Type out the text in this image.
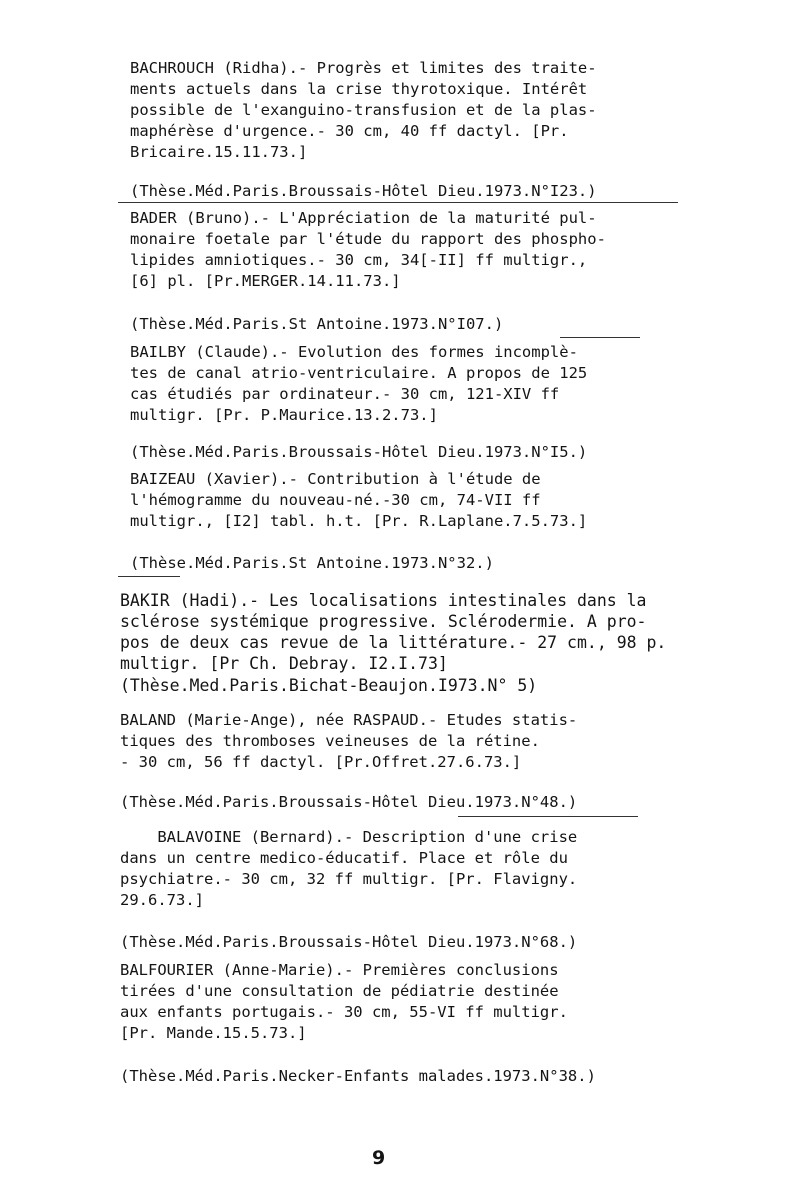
BACHROUCH (Ridha).- Progrès et limites des traite-
ments actuels dans la crise thyrotoxique. Intérêt
possible de l'exanguino-transfusion et de la plas-
maphérèse d'urgence.- 30 cm, 40 ff dactyl. [Pr.
Bricaire.15.11.73.]
(Thèse.Méd.Paris.Broussais-Hôtel Dieu.1973.N°I23.)
BADER (Bruno).- L'Appréciation de la maturité pul-
monaire foetale par l'étude du rapport des phospho-
lipides amniotiques.- 30 cm, 34[-II] ff multigr.,
[6] pl. [Pr.MERGER.14.11.73.]
(Thèse.Méd.Paris.St Antoine.1973.N°I07.)
BAILBY (Claude).- Evolution des formes incomplè-
tes de canal atrio-ventriculaire. A propos de 125
cas étudiés par ordinateur.- 30 cm, 121-XIV ff
multigr. [Pr. P.Maurice.13.2.73.]
(Thèse.Méd.Paris.Broussais-Hôtel Dieu.1973.N°I5.)
BAIZEAU (Xavier).- Contribution à l'étude de
l'hémogramme du nouveau-né.-30 cm, 74-VII ff
multigr., [I2] tabl. h.t. [Pr. R.Laplane.7.5.73.]
(Thèse.Méd.Paris.St Antoine.1973.N°32.)
BAKIR (Hadi).- Les localisations intestinales dans la
sclérose systémique progressive. Sclérodermie. A pro-
pos de deux cas revue de la littérature.- 27 cm., 98 p.
multigr. [Pr Ch. Debray. I2.I.73]
(Thèse.Med.Paris.Bichat-Beaujon.I973.N° 5)
BALAND (Marie-Ange), née RASPAUD.- Etudes statis-
tiques des thromboses veineuses de la rétine.
- 30 cm, 56 ff dactyl. [Pr.Offret.27.6.73.]
(Thèse.Méd.Paris.Broussais-Hôtel Dieu.1973.N°48.)
BALAVOINE (Bernard).- Description d'une crise
dans un centre medico-éducatif. Place et rôle du
psychiatre.- 30 cm, 32 ff multigr. [Pr. Flavigny.
29.6.73.]
(Thèse.Méd.Paris.Broussais-Hôtel Dieu.1973.N°68.)
BALFOURIER (Anne-Marie).- Premières conclusions
tirées d'une consultation de pédiatrie destinée
aux enfants portugais.- 30 cm, 55-VI ff multigr.
[Pr. Mande.15.5.73.]
(Thèse.Méd.Paris.Necker-Enfants malades.1973.N°38.)
9
